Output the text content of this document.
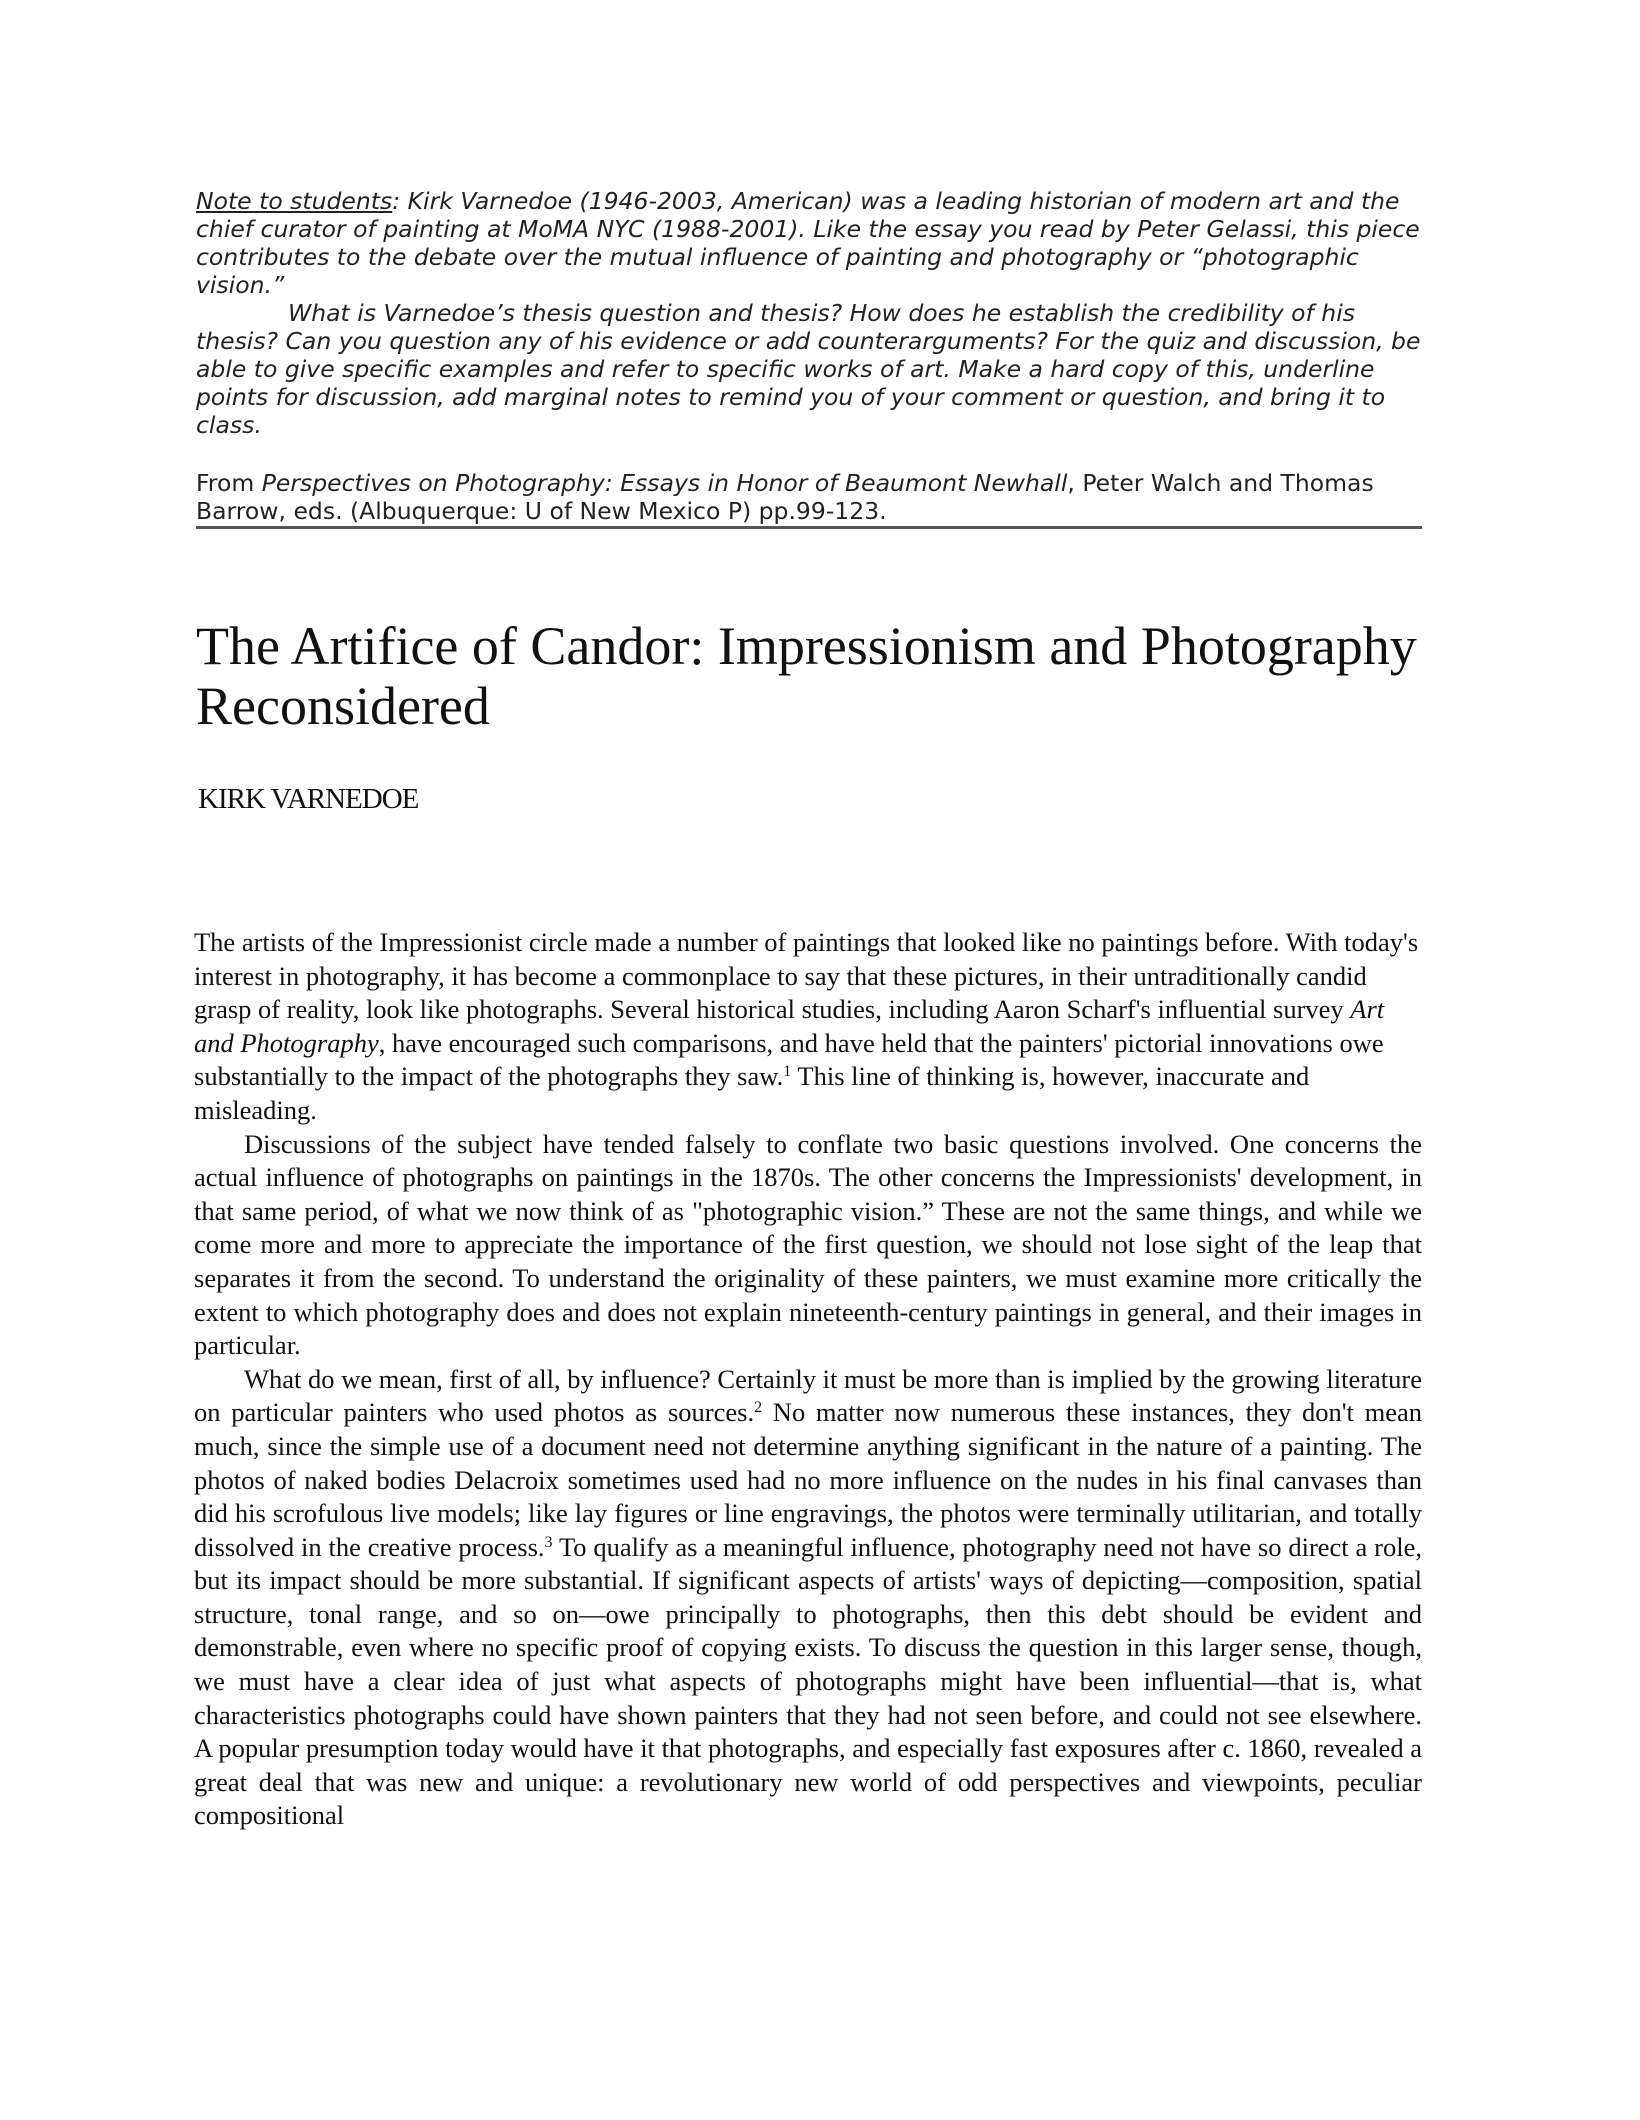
Note to students: Kirk Varnedoe (1946-2003, American) was a leading historian of modern art and the chief curator of painting at MoMA NYC (1988-2001). Like the essay you read by Peter Gelassi, this piece contributes to the debate over the mutual influence of painting and photography or “photographic vision.”

What is Varnedoe’s thesis question and thesis? How does he establish the credibility of his thesis? Can you question any of his evidence or add counterarguments? For the quiz and discussion, be able to give specific examples and refer to specific works of art. Make a hard copy of this, underline points for discussion, add marginal notes to remind you of your comment or question, and bring it to class.

From Perspectives on Photography: Essays in Honor of Beaumont Newhall, Peter Walch and Thomas Barrow, eds. (Albuquerque: U of New Mexico P) pp.99-123.
The Artifice of Candor: Impressionism and Photography Reconsidered
KIRK VARNEDOE

The artists of the Impressionist circle made a number of paintings that looked like no paintings before. With today's interest in photography, it has become a commonplace to say that these pictures, in their untraditionally candid grasp of reality, look like photographs. Several historical studies, including Aaron Scharf's influential survey Art and Photography, have encouraged such comparisons, and have held that the painters' pictorial innovations owe substantially to the impact of the photographs they saw.$^1$ This line of thinking is, however, inaccurate and misleading.

Discussions of the subject have tended falsely to conflate two basic questions involved. One concerns the actual influence of photographs on paintings in the 1870s. The other concerns the Impressionists' development, in that same period, of what we now think of as "photographic vision.” These are not the same things, and while we come more and more to appreciate the importance of the first question, we should not lose sight of the leap that separates it from the second. To understand the originality of these painters, we must examine more critically the extent to which photography does and does not explain nineteenth-century paintings in general, and their images in particular.

What do we mean, first of all, by influence? Certainly it must be more than is implied by the growing literature on particular painters who used photos as sources.$^2$ No matter now numerous these instances, they don't mean much, since the simple use of a document need not determine anything significant in the nature of a painting. The photos of naked bodies Delacroix sometimes used had no more influence on the nudes in his final canvases than did his scrofulous live models; like lay figures or line engravings, the photos were terminally utilitarian, and totally dissolved in the creative process.$^3$ To qualify as a meaningful influence, photography need not have so direct a role, but its impact should be more substantial. If significant aspects of artists' ways of depicting—composition, spatial structure, tonal range, and so on—owe principally to photographs, then this debt should be evident and demonstrable, even where no specific proof of copying exists. To discuss the question in this larger sense, though, we must have a clear idea of just what aspects of photographs might have been influential—that is, what characteristics photographs could have shown painters that they had not seen before, and could not see elsewhere. A popular presumption today would have it that photographs, and especially fast exposures after c. 1860, revealed a great deal that was new and unique: a revolutionary new world of odd perspectives and viewpoints, peculiar compositional
